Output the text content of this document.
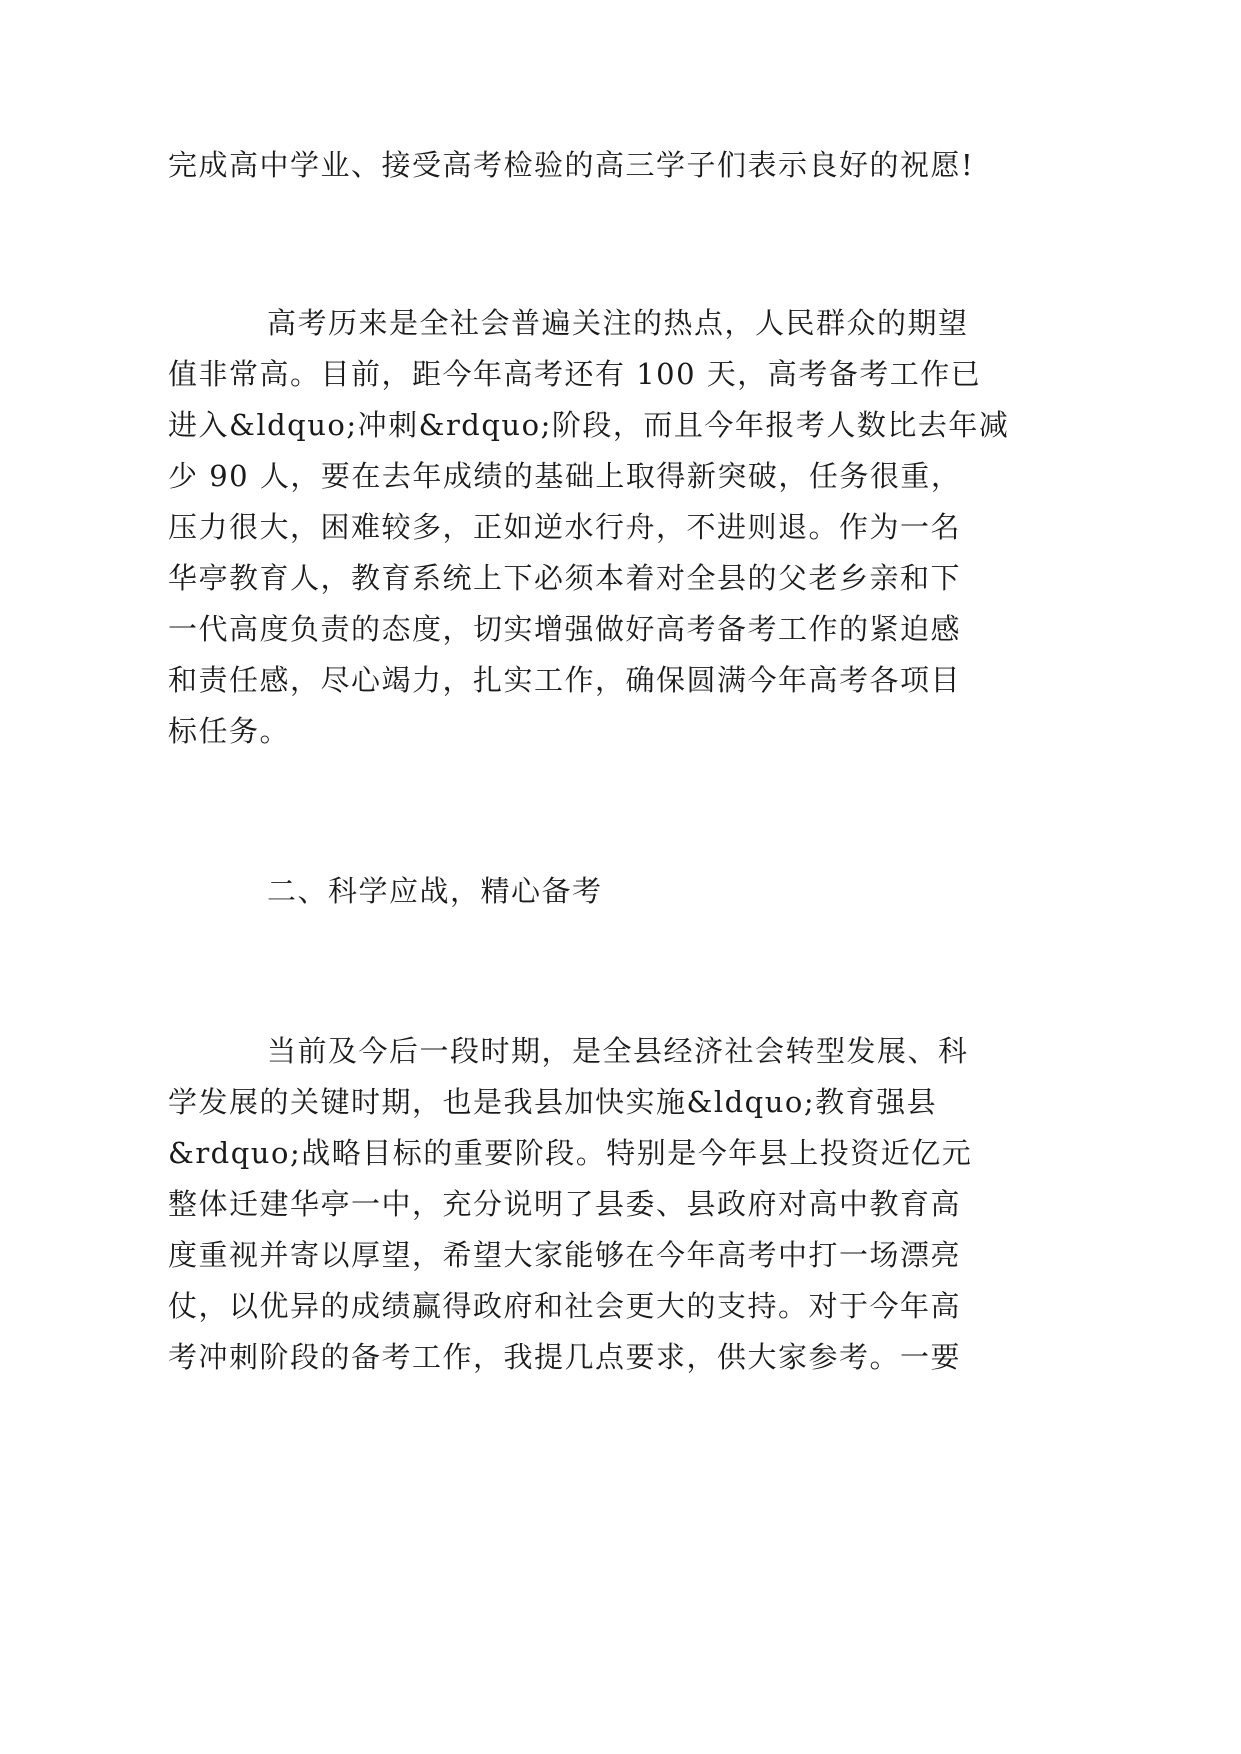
完成高中学业、接受高考检验的高三学子们表示良好的祝愿!
高考历来是全社会普遍关注的热点，人民群众的期望
值非常高。目前，距今年高考还有 100 天，高考备考工作已
进入&ldquo;冲刺&rdquo;阶段，而且今年报考人数比去年减
少 90 人，要在去年成绩的基础上取得新突破，任务很重，
压力很大，困难较多，正如逆水行舟，不进则退。作为一名
华亭教育人，教育系统上下必须本着对全县的父老乡亲和下
一代高度负责的态度，切实增强做好高考备考工作的紧迫感
和责任感，尽心竭力，扎实工作，确保圆满今年高考各项目
标任务。
二、科学应战，精心备考
当前及今后一段时期，是全县经济社会转型发展、科
学发展的关键时期，也是我县加快实施&ldquo;教育强县
&rdquo;战略目标的重要阶段。特别是今年县上投资近亿元
整体迁建华亭一中，充分说明了县委、县政府对高中教育高
度重视并寄以厚望，希望大家能够在今年高考中打一场漂亮
仗，以优异的成绩赢得政府和社会更大的支持。对于今年高
考冲刺阶段的备考工作，我提几点要求，供大家参考。一要
